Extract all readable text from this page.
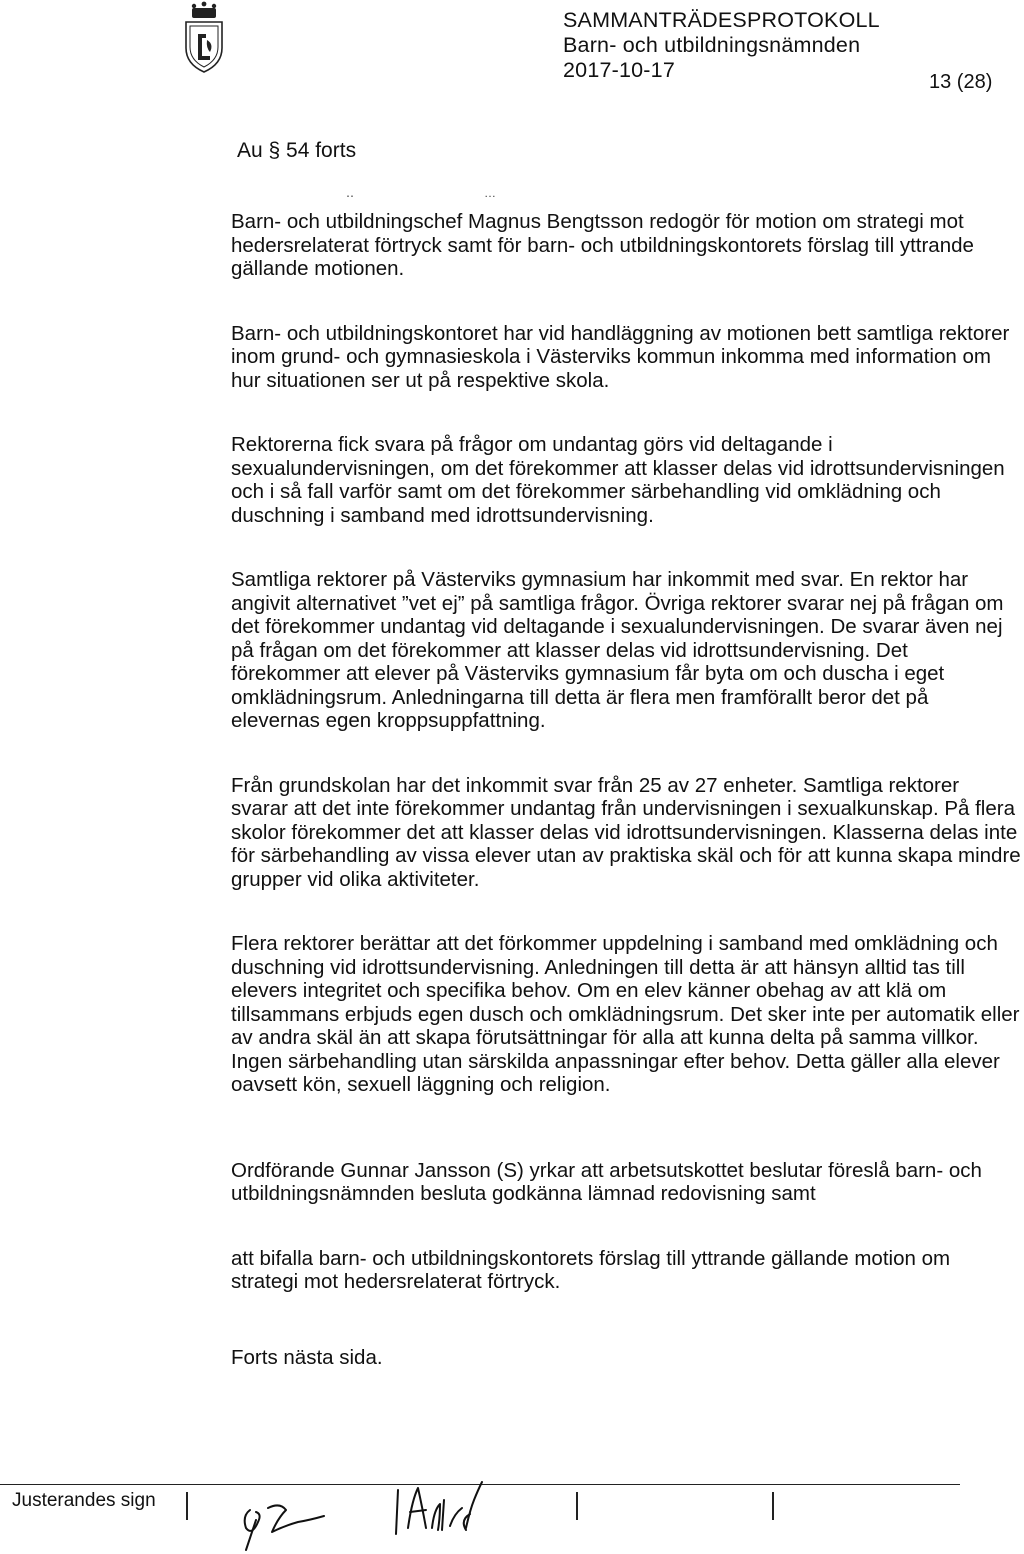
SAMMANTRÄDESPROTOKOLL
Barn- och utbildningsnämnden
2017-10-17	13 (28)
Au § 54 forts
‥                        …

Barn- och utbildningschef Magnus Bengtsson redogör för motion om strategi mot hedersrelaterat förtryck samt för barn- och utbildningskontorets förslag till yttrande gällande motionen.

Barn- och utbildningskontoret har vid handläggning av motionen bett samtliga rektorer inom grund- och gymnasieskola i Västerviks kommun inkomma med information om hur situationen ser ut på respektive skola.

Rektorerna fick svara på frågor om undantag görs vid deltagande i sexualundervisningen, om det förekommer att klasser delas vid idrottsundervisningen och i så fall varför samt om det förekommer särbehandling vid omklädning och duschning i samband med idrottsundervisning.

Samtliga rektorer på Västerviks gymnasium har inkommit med svar. En rektor har angivit alternativet ”vet ej” på samtliga frågor. Övriga rektorer svarar nej på frågan om det förekommer undantag vid deltagande i sexualundervisningen. De svarar även nej på frågan om det förekommer att klasser delas vid idrottsundervisning. Det förekommer att elever på Västerviks gymnasium får byta om och duscha i eget omklädningsrum. Anledningarna till detta är flera men framförallt beror det på elevernas egen kroppsuppfattning.

Från grundskolan har det inkommit svar från 25 av 27 enheter. Samtliga rektorer svarar att det inte förekommer undantag från undervisningen i sexualkunskap. På flera skolor förekommer det att klasser delas vid idrottsundervisningen. Klasserna delas inte för särbehandling av vissa elever utan av praktiska skäl och för att kunna skapa mindre grupper vid olika aktiviteter.

Flera rektorer berättar att det förkommer uppdelning i samband med omklädning och duschning vid idrottsundervisning. Anledningen till detta är att hänsyn alltid tas till elevers integritet och specifika behov. Om en elev känner obehag av att klä om tillsammans erbjuds egen dusch och omklädningsrum. Det sker inte per automatik eller av andra skäl än att skapa förutsättningar för alla att kunna delta på samma villkor. Ingen särbehandling utan särskilda anpassningar efter behov. Detta gäller alla elever oavsett kön, sexuell läggning och religion.

Ordförande Gunnar Jansson (S) yrkar att arbetsutskottet beslutar föreslå barn- och utbildningsnämnden besluta godkänna lämnad redovisning samt

att bifalla barn- och utbildningskontorets förslag till yttrande gällande motion om strategi mot hedersrelaterat förtryck.

Forts nästa sida.

Justerandes sign
